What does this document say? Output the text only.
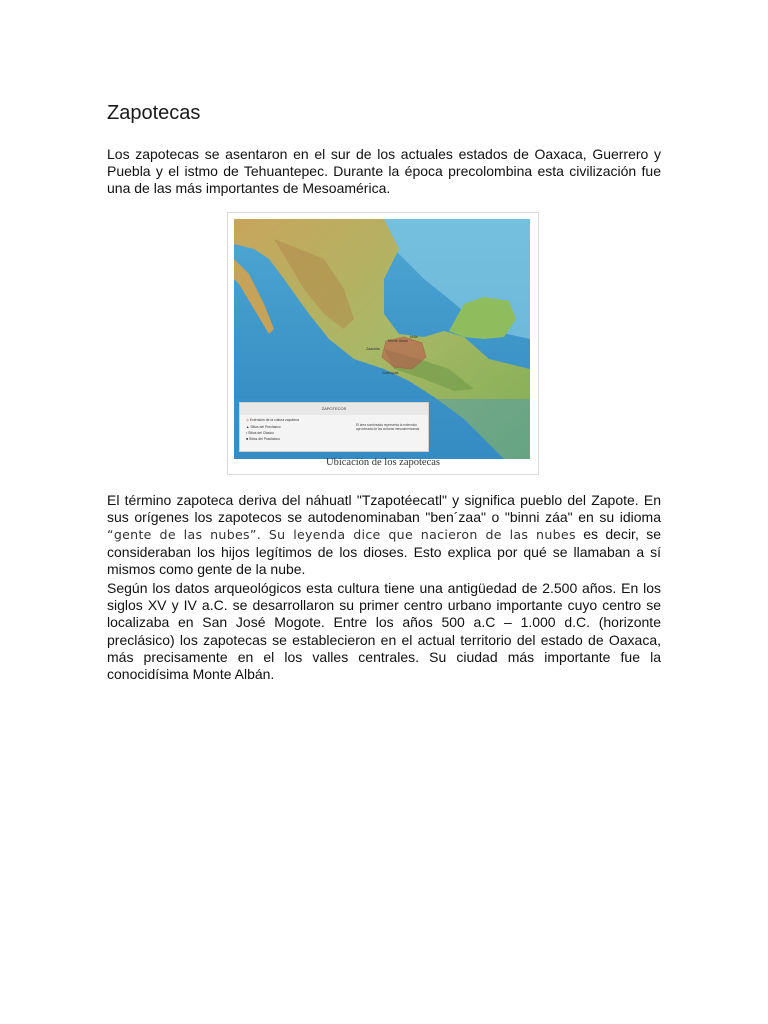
Zapotecas

Los zapotecas se asentaron en el sur de los actuales estados de Oaxaca, Guerrero y Puebla y el istmo de Tehuantepec. Durante la época precolombina esta civilización fue una de las más importantes de Mesoamérica.

Zaachila
Monte Albán
Mitla
Guiengola
ZAPOTECOS
◎ Extensión de la cultura zapoteca
▲ Sitios del Preclásico
• Sitios del Clásico
■ Sitios del Posclásico
El área sombreada representa la extensión aproximada de las culturas mesoamericanas
Ubicación de los zapotecas

El término zapoteca deriva del náhuatl "Tzapotéecatl" y significa pueblo del Zapote. En sus orígenes los zapotecos se autodenominaban "ben´zaa" o "binni záa" en su idioma “gente de las nubes”. Su leyenda dice que nacieron de las nubes es decir, se consideraban los hijos legítimos de los dioses. Esto explica por qué se llamaban a sí mismos como gente de la nube.

Según los datos arqueológicos esta cultura tiene una antigüedad de 2.500 años. En los siglos XV y IV a.C. se desarrollaron su primer centro urbano importante cuyo centro se localizaba en San José Mogote. Entre los años 500 a.C – 1.000 d.C. (horizonte preclásico) los zapotecas se establecieron en el actual territorio del estado de Oaxaca, más precisamente en el los valles centrales. Su ciudad más importante fue la conocidísima Monte Albán.
